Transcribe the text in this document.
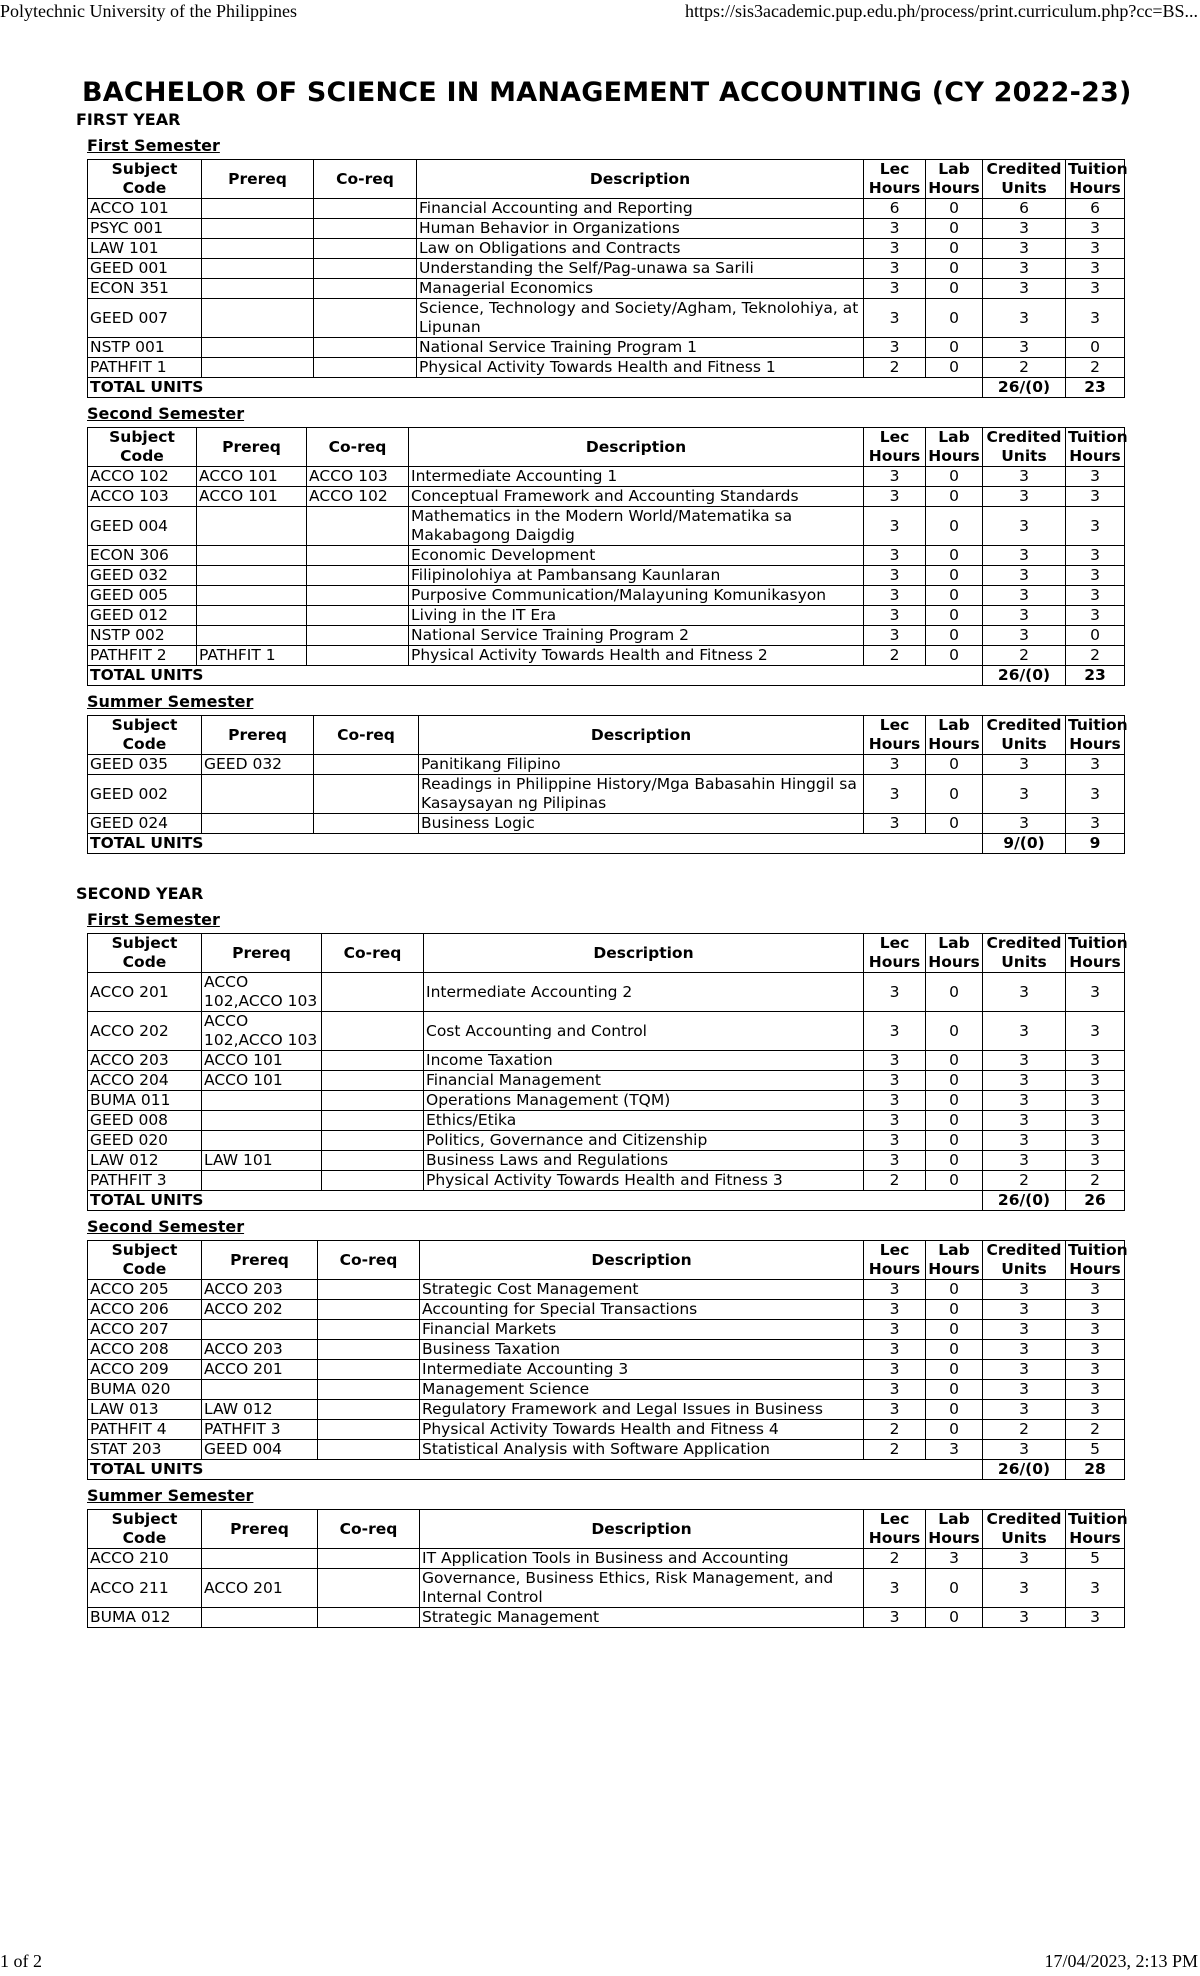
Polytechnic University of the Philippines	https://sis3academic.pup.edu.ph/process/print.curriculum.php?cc=BS...
BACHELOR OF SCIENCE IN MANAGEMENT ACCOUNTING (CY 2022-23)
FIRST YEAR
First Semester
Subject Code	Prereq	Co-req	Description	Lec Hours	Lab Hours	Credited Units	Tuition Hours
ACCO 101			Financial Accounting and Reporting	6	0	6	6
PSYC 001			Human Behavior in Organizations	3	0	3	3
LAW 101			Law on Obligations and Contracts	3	0	3	3
GEED 001			Understanding the Self/Pag-unawa sa Sarili	3	0	3	3
ECON 351			Managerial Economics	3	0	3	3
GEED 007			Science, Technology and Society/Agham, Teknolohiya, at Lipunan	3	0	3	3
NSTP 001			National Service Training Program 1	3	0	3	0
PATHFIT 1			Physical Activity Towards Health and Fitness 1	2	0	2	2
TOTAL UNITS						26/(0)	23
Second Semester
Subject Code	Prereq	Co-req	Description	Lec Hours	Lab Hours	Credited Units	Tuition Hours
ACCO 102	ACCO 101	ACCO 103	Intermediate Accounting 1	3	0	3	3
ACCO 103	ACCO 101	ACCO 102	Conceptual Framework and Accounting Standards	3	0	3	3
GEED 004			Mathematics in the Modern World/Matematika sa Makabagong Daigdig	3	0	3	3
ECON 306			Economic Development	3	0	3	3
GEED 032			Filipinolohiya at Pambansang Kaunlaran	3	0	3	3
GEED 005			Purposive Communication/Malayuning Komunikasyon	3	0	3	3
GEED 012			Living in the IT Era	3	0	3	3
NSTP 002			National Service Training Program 2	3	0	3	0
PATHFIT 2	PATHFIT 1		Physical Activity Towards Health and Fitness 2	2	0	2	2
TOTAL UNITS						26/(0)	23
Summer Semester
Subject Code	Prereq	Co-req	Description	Lec Hours	Lab Hours	Credited Units	Tuition Hours
GEED 035	GEED 032		Panitikang Filipino	3	0	3	3
GEED 002			Readings in Philippine History/Mga Babasahin Hinggil sa Kasaysayan ng Pilipinas	3	0	3	3
GEED 024			Business Logic	3	0	3	3
TOTAL UNITS						9/(0)	9
SECOND YEAR
First Semester
Subject Code	Prereq	Co-req	Description	Lec Hours	Lab Hours	Credited Units	Tuition Hours
ACCO 201	ACCO 102,ACCO 103		Intermediate Accounting 2	3	0	3	3
ACCO 202	ACCO 102,ACCO 103		Cost Accounting and Control	3	0	3	3
ACCO 203	ACCO 101		Income Taxation	3	0	3	3
ACCO 204	ACCO 101		Financial Management	3	0	3	3
BUMA 011			Operations Management (TQM)	3	0	3	3
GEED 008			Ethics/Etika	3	0	3	3
GEED 020			Politics, Governance and Citizenship	3	0	3	3
LAW 012	LAW 101		Business Laws and Regulations	3	0	3	3
PATHFIT 3			Physical Activity Towards Health and Fitness 3	2	0	2	2
TOTAL UNITS						26/(0)	26
Second Semester
Subject Code	Prereq	Co-req	Description	Lec Hours	Lab Hours	Credited Units	Tuition Hours
ACCO 205	ACCO 203		Strategic Cost Management	3	0	3	3
ACCO 206	ACCO 202		Accounting for Special Transactions	3	0	3	3
ACCO 207			Financial Markets	3	0	3	3
ACCO 208	ACCO 203		Business Taxation	3	0	3	3
ACCO 209	ACCO 201		Intermediate Accounting 3	3	0	3	3
BUMA 020			Management Science	3	0	3	3
LAW 013	LAW 012		Regulatory Framework and Legal Issues in Business	3	0	3	3
PATHFIT 4	PATHFIT 3		Physical Activity Towards Health and Fitness 4	2	0	2	2
STAT 203	GEED 004		Statistical Analysis with Software Application	2	3	3	5
TOTAL UNITS						26/(0)	28
Summer Semester
Subject Code	Prereq	Co-req	Description	Lec Hours	Lab Hours	Credited Units	Tuition Hours
ACCO 210			IT Application Tools in Business and Accounting	2	3	3	5
ACCO 211	ACCO 201		Governance, Business Ethics, Risk Management, and Internal Control	3	0	3	3
BUMA 012			Strategic Management	3	0	3	3
1 of 2	17/04/2023, 2:13 PM
